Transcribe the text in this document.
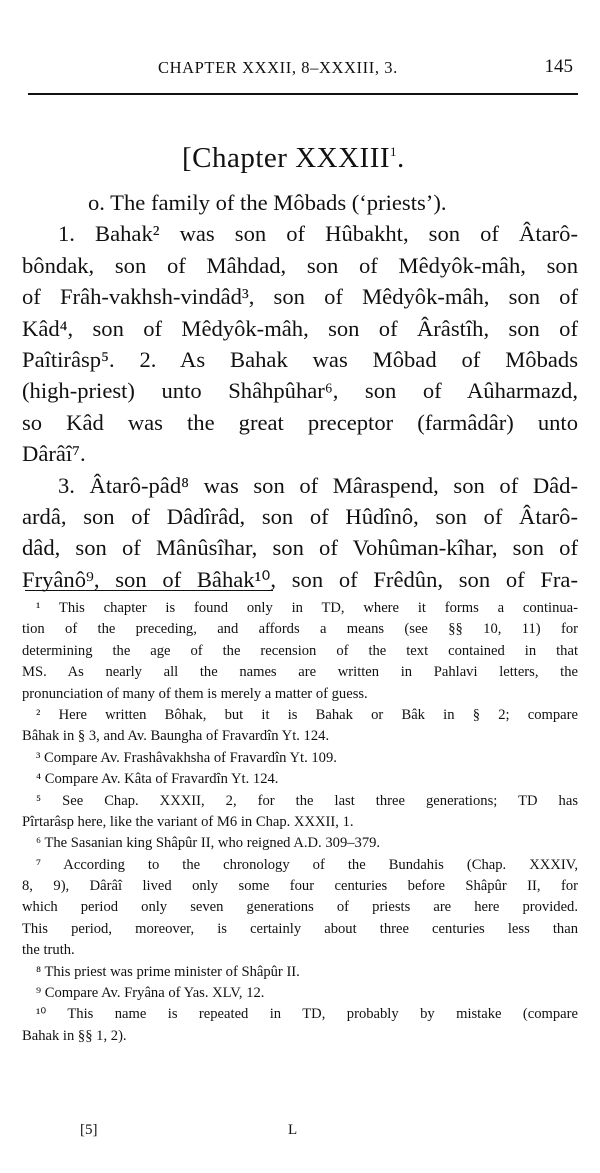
CHAPTER XXXII, 8–XXXIII, 3.	145
[Chapter XXXIII$^1$.
o. The family of the Môbads (‘priests’).
1. Bahak² was son of Hûbakht, son of Âtarô-
bôndak, son of Mâhdad, son of Mêdyôk-mâh, son
of Frâh-vakhsh-vindâd³, son of Mêdyôk-mâh, son of
Kâd⁴, son of Mêdyôk-mâh, son of Ârâstîh, son of
Paîtirâsp⁵. 2. As Bahak was Môbad of Môbads
(high-priest) unto Shâhpûhar⁶, son of Aûharmazd,
so Kâd was the great preceptor (farmâdâr) unto
Dârâî⁷.
3. Âtarô-pâd⁸ was son of Mâraspend, son of Dâd-
ardâ, son of Dâdîrâd, son of Hûdînô, son of Âtarô-
dâd, son of Mânûsîhar, son of Vohûman-kîhar, son of
Fryânô⁹, son of Bâhak¹⁰, son of Frêdûn, son of Fra-
¹ This chapter is found only in TD, where it forms a continua-
tion of the preceding, and affords a means (see §§ 10, 11) for
determining the age of the recension of the text contained in that
MS. As nearly all the names are written in Pahlavi letters, the
pronunciation of many of them is merely a matter of guess.
² Here written Bôhak, but it is Bahak or Bâk in § 2; compare
Bâhak in § 3, and Av. Baungha of Fravardîn Yt. 124.
³ Compare Av. Frashâvakhsha of Fravardîn Yt. 109.
⁴ Compare Av. Kâta of Fravardîn Yt. 124.
⁵ See Chap. XXXII, 2, for the last three generations; TD has
Pîrtarâsp here, like the variant of M6 in Chap. XXXII, 1.
⁶ The Sasanian king Shâpûr II, who reigned A.D. 309–379.
⁷ According to the chronology of the Bundahis (Chap. XXXIV,
8, 9), Dârâî lived only some four centuries before Shâpûr II, for
which period only seven generations of priests are here provided.
This period, moreover, is certainly about three centuries less than
the truth.
⁸ This priest was prime minister of Shâpûr II.
⁹ Compare Av. Fryâna of Yas. XLV, 12.
¹⁰ This name is repeated in TD, probably by mistake (compare
Bahak in §§ 1, 2).
[5]	L
